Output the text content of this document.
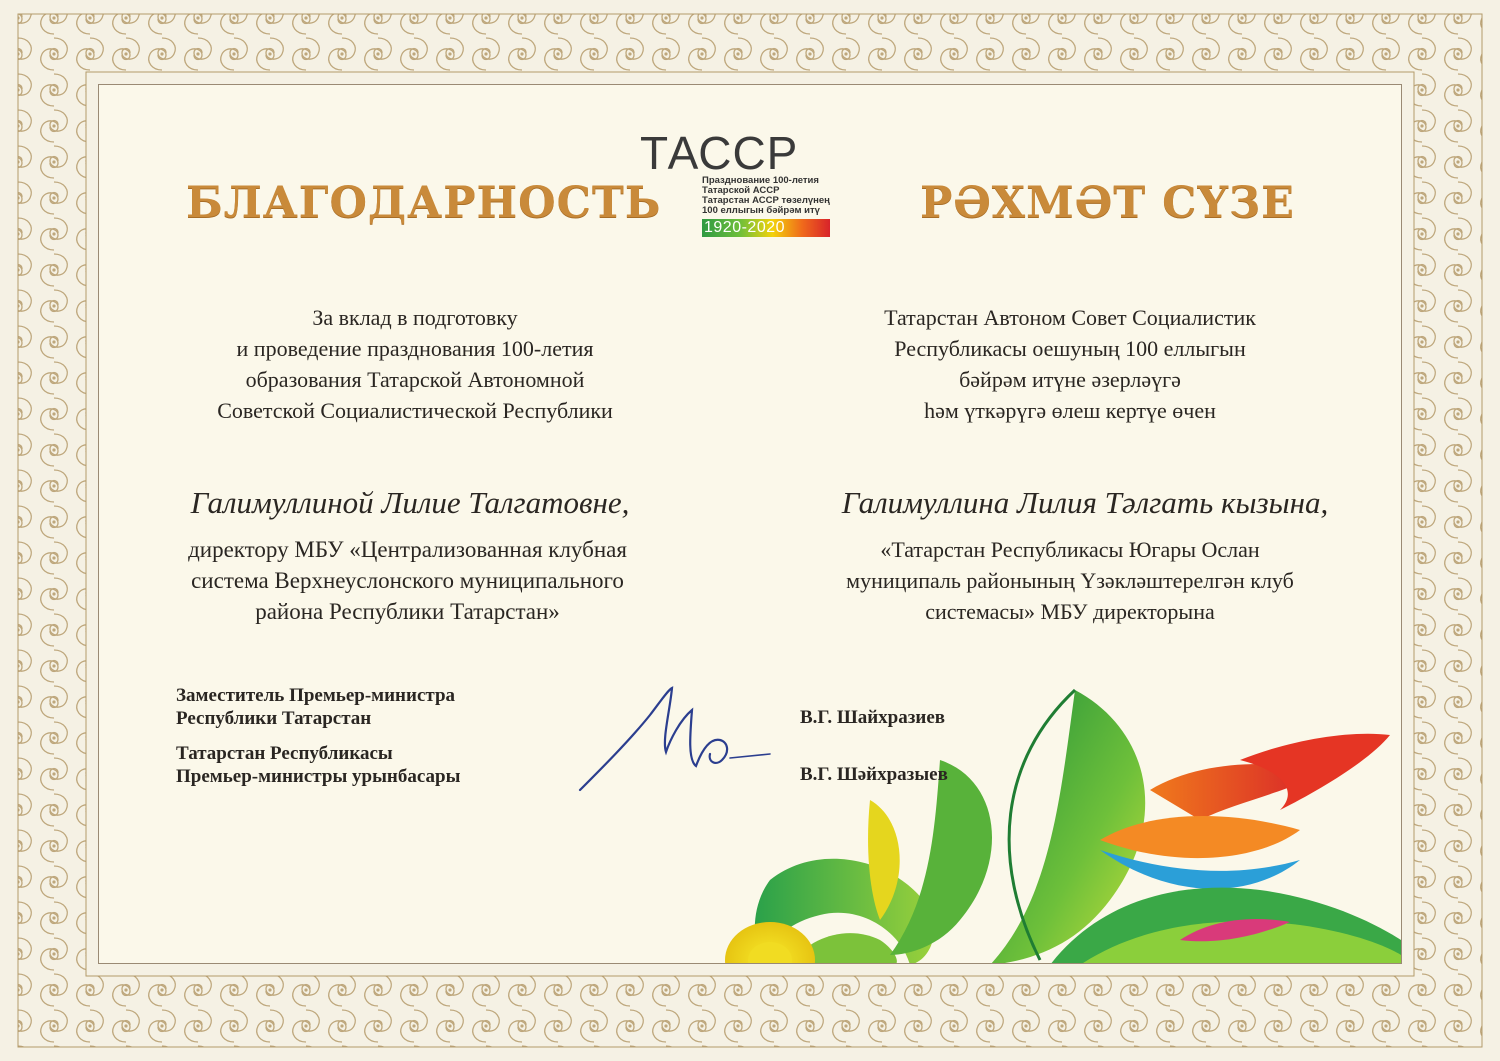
ТАССР
Празднование 100-летия
Татарской АССР
Татарстан АССР төзелүнең
100 еллыгын бәйрәм итү
1920-2020
БЛАГОДАРНОСТЬ	РӘХМӘТ СҮЗЕ
За вклад в подготовку
и проведение празднования 100-летия
образования Татарской Автономной
Советской Социалистической Республики
Татарстан Автоном Совет Социалистик
Республикасы оешуның 100 еллыгын
бәйрәм итүне әзерләүгә
һәм үткәрүгә өлеш кертүе өчен
Галимуллиной Лилие Талгатовне,	Галимуллина Лилия Тәлгать кызына,
директору МБУ «Централизованная клубная
система Верхнеуслонского муниципального
района Республики Татарстан»
«Татарстан Республикасы Югары Ослан
муниципаль районының Үзәкләштерелгән клуб
системасы» МБУ директорына
Заместитель Премьер-министра
Республики Татарстан
Татарстан Республикасы
Премьер-министры урынбасары
В.Г. Шайхразиев
В.Г. Шәйхразыев
